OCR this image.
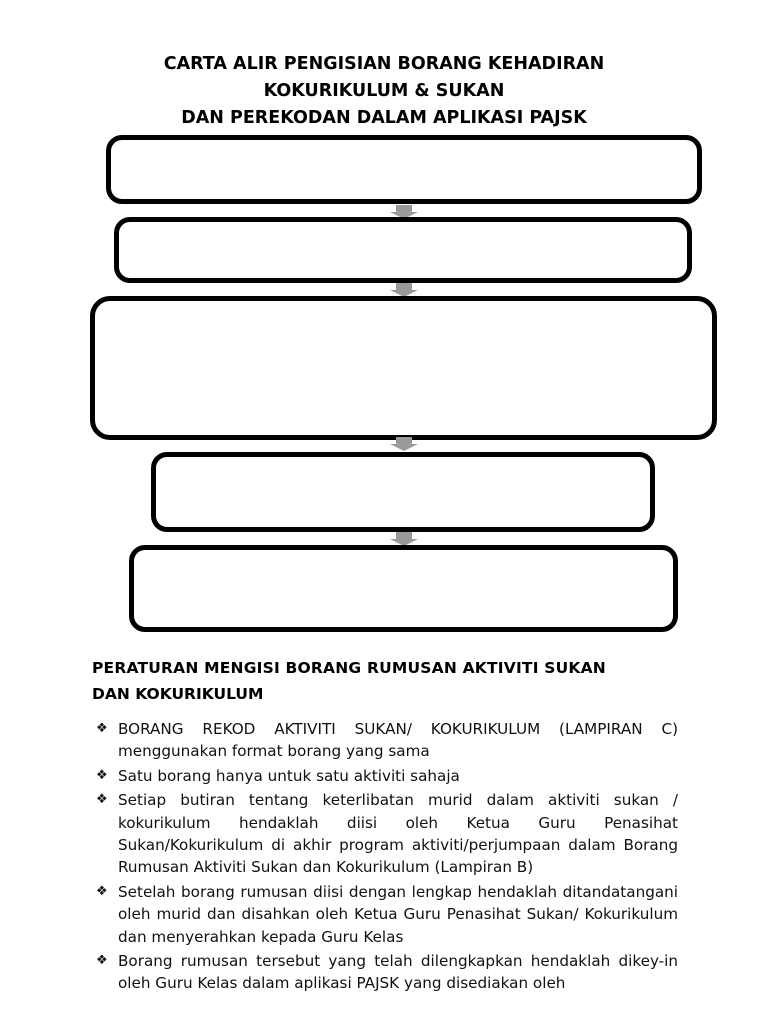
CARTA ALIR PENGISIAN BORANG KEHADIRAN
KOKURIKULUM & SUKAN
DAN PEREKODAN DALAM APLIKASI PAJSK
PERATURAN MENGISI BORANG RUMUSAN AKTIVITI SUKAN
DAN KOKURIKULUM
❖ BORANG REKOD AKTIVITI SUKAN/ KOKURIKULUM (LAMPIRAN C) menggunakan format borang yang sama
❖ Satu borang hanya untuk satu aktiviti sahaja
❖ Setiap butiran tentang keterlibatan murid dalam aktiviti sukan / kokurikulum hendaklah diisi oleh Ketua Guru Penasihat Sukan/Kokurikulum di akhir program aktiviti/perjumpaan dalam Borang Rumusan Aktiviti Sukan dan Kokurikulum (Lampiran B)
❖ Setelah borang rumusan diisi dengan lengkap hendaklah ditandatangani oleh murid dan disahkan oleh Ketua Guru Penasihat Sukan/ Kokurikulum dan menyerahkan kepada Guru Kelas
❖ Borang rumusan tersebut yang telah dilengkapkan hendaklah dikey-in oleh Guru Kelas dalam aplikasi PAJSK yang disediakan oleh
